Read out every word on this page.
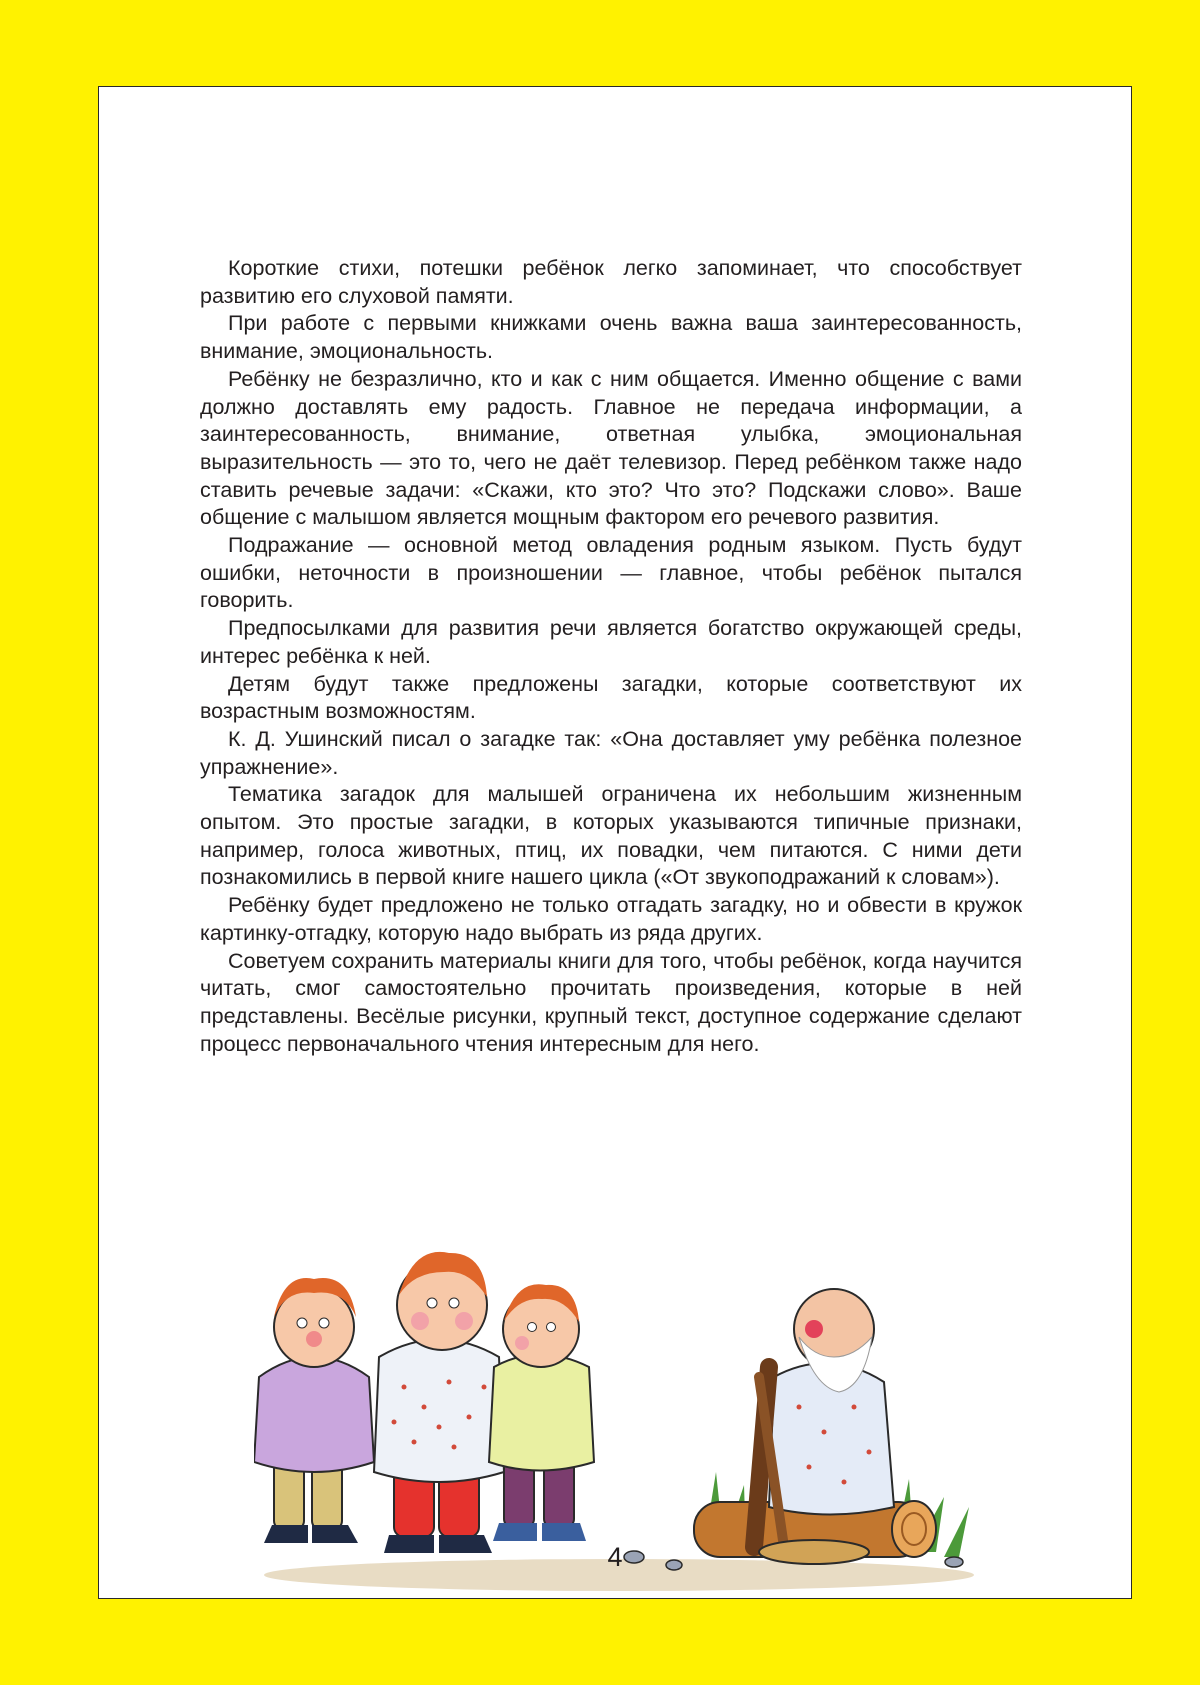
Короткие стихи, потешки ребёнок легко запоминает, что способствует развитию его слуховой памяти.

При работе с первыми книжками очень важна ваша заинтересованность, внимание, эмоциональность.

Ребёнку не безразлично, кто и как с ним общается. Именно общение с вами должно доставлять ему радость. Главное не передача информации, а заинтересованность, внимание, ответная улыбка, эмоциональная выразительность — это то, чего не даёт телевизор. Перед ребёнком также надо ставить речевые задачи: «Скажи, кто это? Что это? Подскажи слово». Ваше общение с малышом является мощным фактором его речевого развития.

Подражание — основной метод овладения родным языком. Пусть будут ошибки, неточности в произношении — главное, чтобы ребёнок пытался говорить.

Предпосылками для развития речи является богатство окружающей среды, интерес ребёнка к ней.

Детям будут также предложены загадки, которые соответствуют их возрастным возможностям.

К. Д. Ушинский писал о загадке так: «Она доставляет уму ребёнка полезное упражнение».

Тематика загадок для малышей ограничена их небольшим жизненным опытом. Это простые загадки, в которых указываются типичные признаки, например, голоса животных, птиц, их повадки, чем питаются. С ними дети познакомились в первой книге нашего цикла («От звукоподражаний к словам»).

Ребёнку будет предложено не только отгадать загадку, но и обвести в кружок картинку-отгадку, которую надо выбрать из ряда других.

Советуем сохранить материалы книги для того, чтобы ребёнок, когда научится читать, смог самостоятельно прочитать произведения, которые в ней представлены. Весёлые рисунки, крупный текст, доступное содержание сделают процесс первоначального чтения интересным для него.

4
